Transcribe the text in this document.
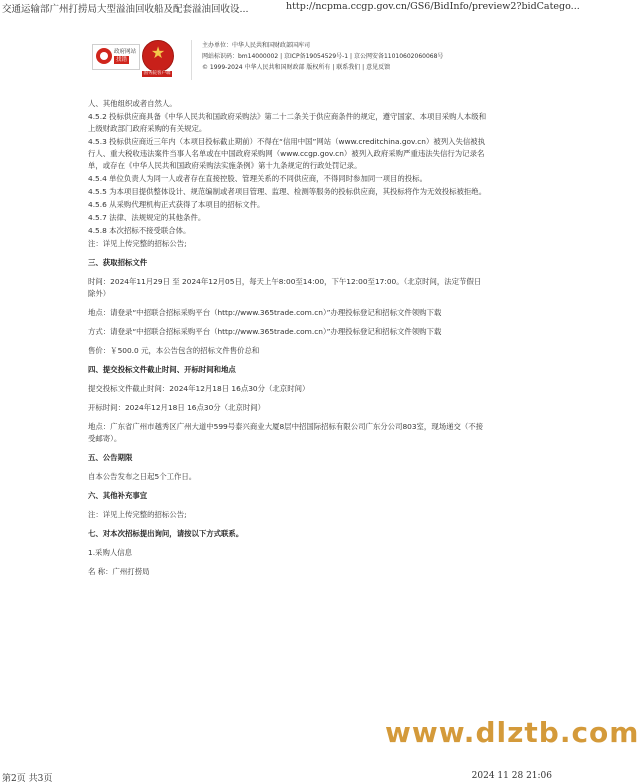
交通运输部广州打捞局大型溢油回收船及配套溢油回收设...	http://ncpma.ccgp.gov.cn/GS6/BidInfo/preview2?bidCatego...
政府网站
找错	★
国务院客户端
主办单位：中华人民共和国财政部国库司
网站标识码：bm14000002 | 京ICP备19054529号-1 | 京公网安备11010602060068号
© 1999-2024 中华人民共和国财政部 版权所有 | 联系我们 | 意见反馈

人、其他组织或者自然人。

4.5.2 投标供应商具备《中华人民共和国政府采购法》第二十二条关于供应商条件的规定，遵守国家、本项目采购人本级和上级财政部门政府采购的有关规定。

4.5.3 投标供应商近三年内（本项目投标截止期前）不得在“信用中国”网站（www.creditchina.gov.cn）被列入失信被执行人、重大税收违法案件当事人名单或在中国政府采购网（www.ccgp.gov.cn）被列入政府采购严重违法失信行为记录名单，或存在《中华人民共和国政府采购法实施条例》第十九条规定的行政处罚记录。

4.5.4 单位负责人为同一人或者存在直接控股、管理关系的不同供应商，不得同时参加同一项目的投标。

4.5.5 为本项目提供整体设计、规范编制或者项目管理、监理、检测等服务的投标供应商，其投标将作为无效投标被拒绝。

4.5.6 从采购代理机构正式获得了本项目的招标文件。

4.5.7 法律、法规规定的其他条件。

4.5.8 本次招标不接受联合体。

注：详见上传完整的招标公告;

三、获取招标文件

时间：2024年11月29日 至 2024年12月05日，每天上午8:00至14:00，下午12:00至17:00。（北京时间，法定节假日除外）

地点：请登录“中招联合招标采购平台（http://www.365trade.com.cn）”办理投标登记和招标文件领购下载

方式：请登录“中招联合招标采购平台（http://www.365trade.com.cn）”办理投标登记和招标文件领购下载

售价：￥500.0 元，本公告包含的招标文件售价总和

四、提交投标文件截止时间、开标时间和地点

提交投标文件截止时间：2024年12月18日 16点30分（北京时间）

开标时间：2024年12月18日 16点30分（北京时间）

地点：广东省广州市越秀区广州大道中599号泰兴商业大厦8层中招国际招标有限公司广东分公司803室，现场递交（不接受邮寄）。

五、公告期限

自本公告发布之日起5个工作日。

六、其他补充事宜

注：详见上传完整的招标公告;

七、对本次招标提出询问，请按以下方式联系。

1.采购人信息

名 称：广州打捞局

www.dlztb.com
第2页 共3页	2024 11 28 21:06
